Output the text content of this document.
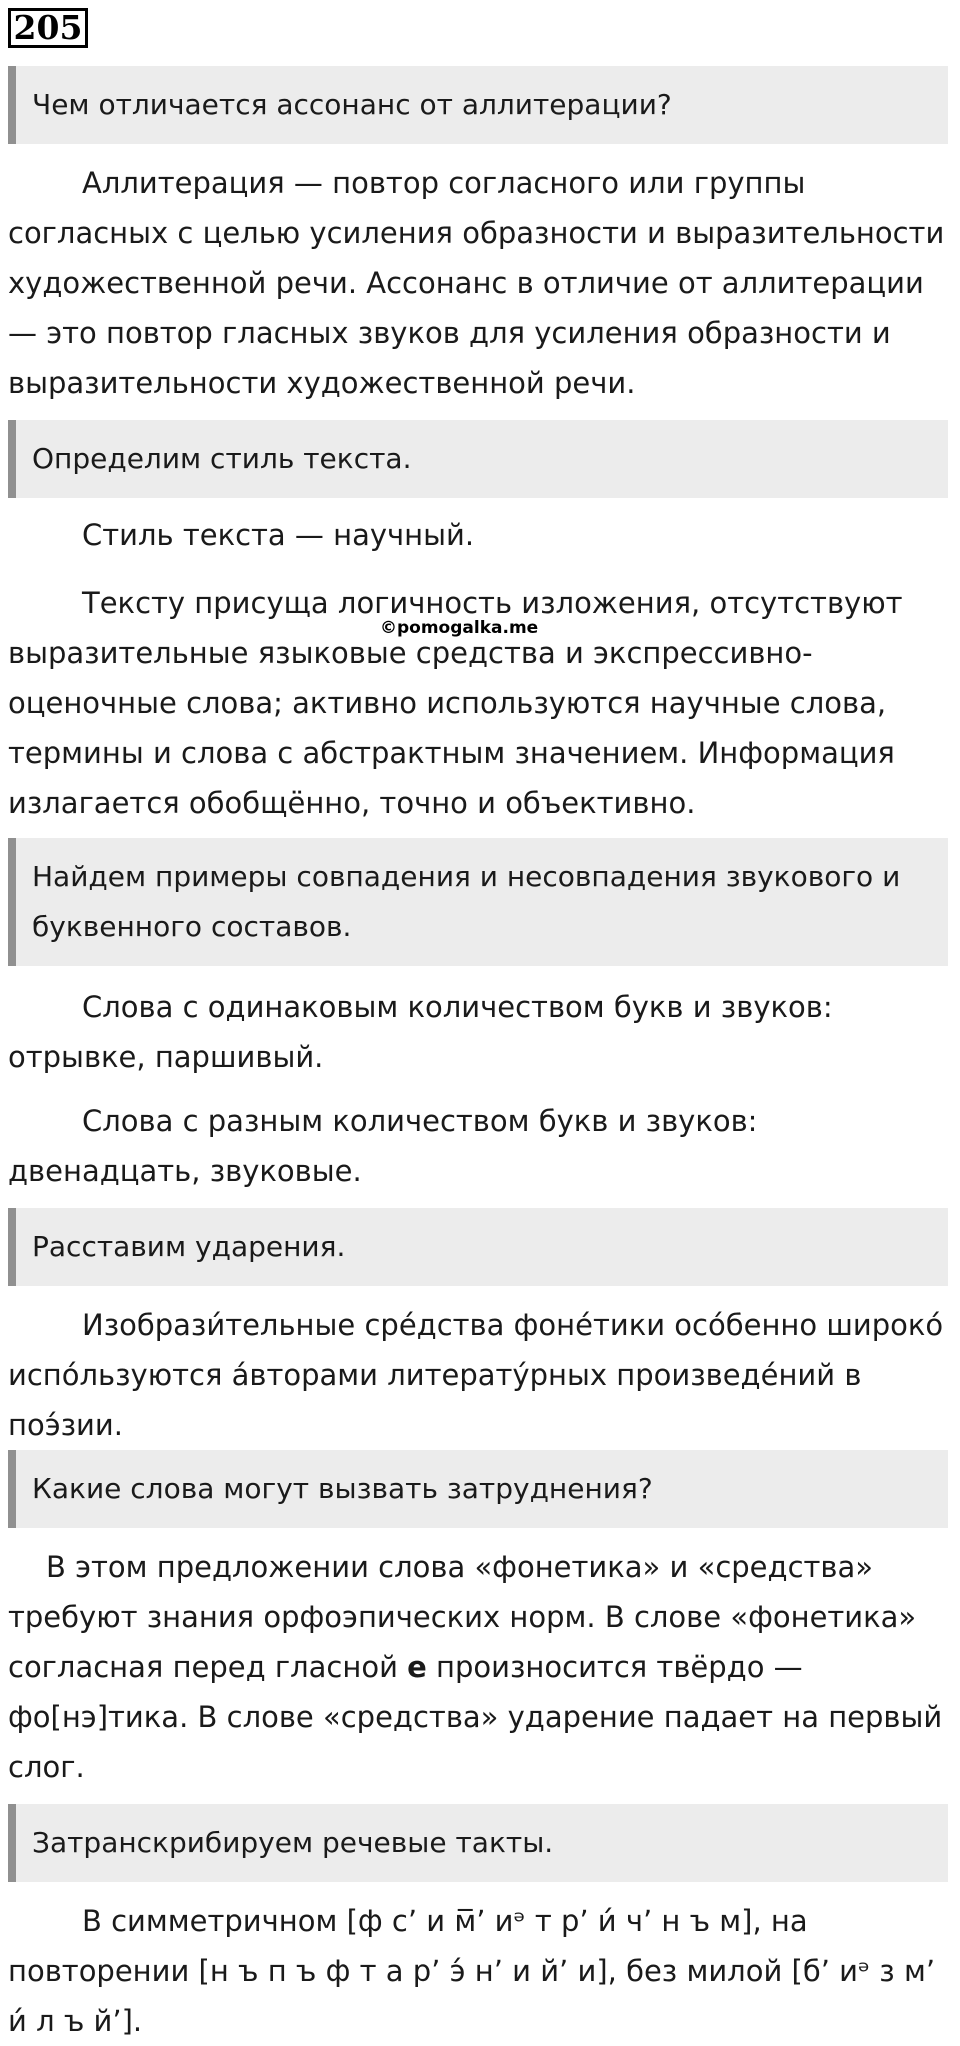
205
Чем отличается ассонанс от аллитерации?

Аллитерация — повтор согласного или группы согласных с целью усиления образности и выразительности художественной речи. Ассонанс в отличие от аллитерации — это повтор гласных звуков для усиления образности и выразительности художественной речи.

Определим стиль текста.

Стиль текста — научный.

Тексту присуща логичность изложения, отсутствуют выразительные языковые средства и экспрессивно-оценочные слова; активно используются научные слова, термины и слова с абстрактным значением. Информация излагается обобщённо, точно и объективно.

©pomogalka.me
Найдем примеры совпадения и несовпадения звукового и буквенного составов.

Слова с одинаковым количеством букв и звуков: отрывке, паршивый.

Слова с разным количеством букв и звуков: двенадцать, звуковые.

Расставим ударения.

Изобрази́тельные сре́дства фоне́тики осо́бенно широко́ испо́льзуются а́вторами литерату́рных произведе́ний в поэ́зии.

Какие слова могут вызвать затруднения?

В этом предложении слова «фонетика» и «средства» требуют знания орфоэпических норм. В слове «фонетика» согласная перед гласной е произносится твёрдо — фо[нэ]тика. В слове «средства» ударение падает на первый слог.

Затранскрибируем речевые такты.

В симметричном [ф с’ и м̅’ иᵊ т р’ и́ ч’ н ъ м], на повторении [н ъ п ъ ф т а р’ э́ н’ и й’ и], без милой [б’ иᵊ з м’ и́ л ъ й’].
